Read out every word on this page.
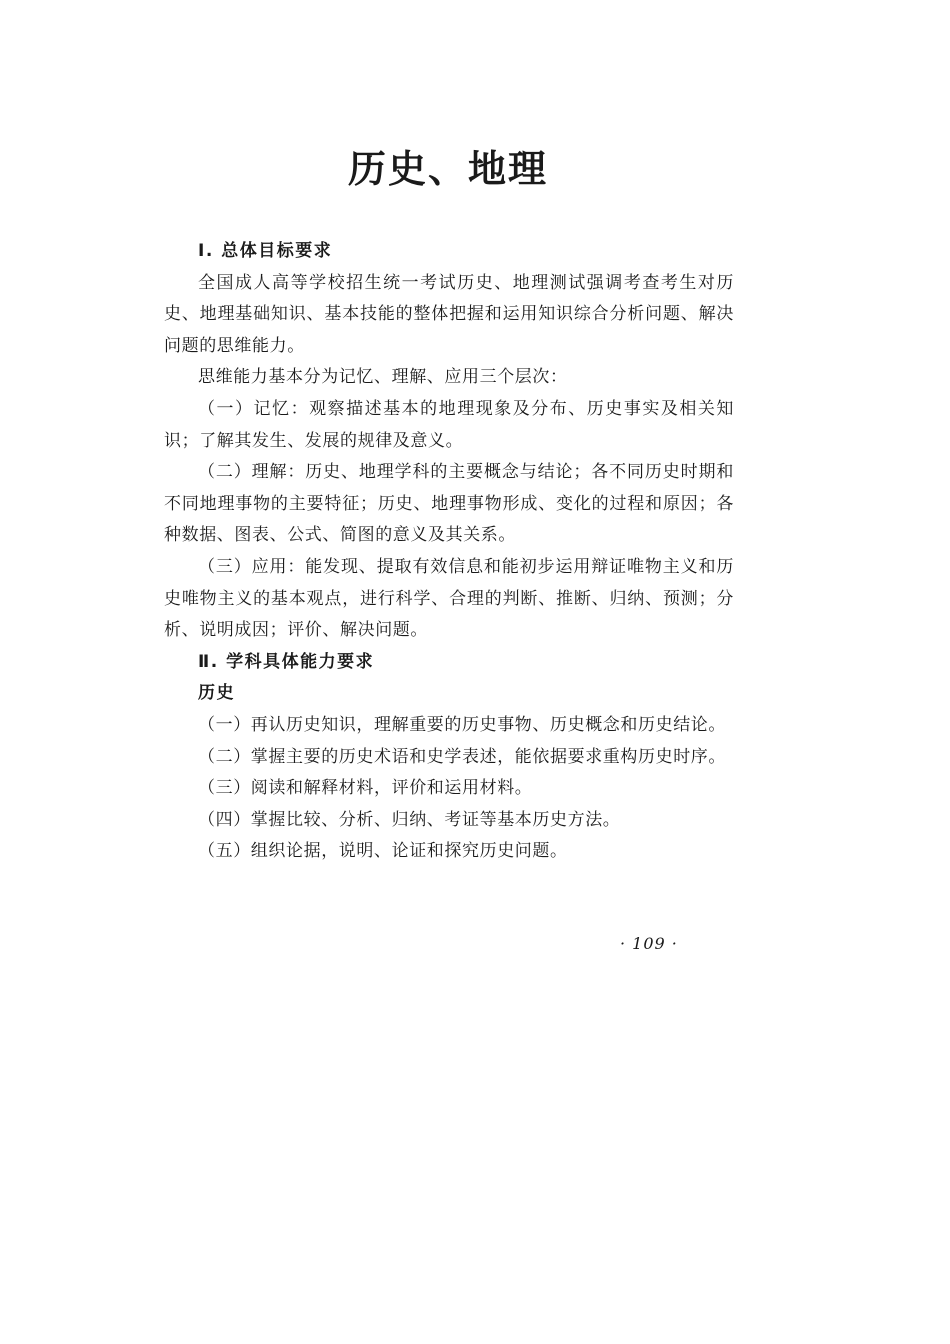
历史、地理

Ⅰ. 总体目标要求

全国成人高等学校招生统一考试历史、地理测试强调考查考生对历史、地理基础知识、基本技能的整体把握和运用知识综合分析问题、解决问题的思维能力。

思维能力基本分为记忆、理解、应用三个层次：

（一）记忆：观察描述基本的地理现象及分布、历史事实及相关知识；了解其发生、发展的规律及意义。

（二）理解：历史、地理学科的主要概念与结论；各不同历史时期和不同地理事物的主要特征；历史、地理事物形成、变化的过程和原因；各种数据、图表、公式、简图的意义及其关系。

（三）应用：能发现、提取有效信息和能初步运用辩证唯物主义和历史唯物主义的基本观点，进行科学、合理的判断、推断、归纳、预测；分析、说明成因；评价、解决问题。

Ⅱ. 学科具体能力要求

历史

（一）再认历史知识，理解重要的历史事物、历史概念和历史结论。

（二）掌握主要的历史术语和史学表述，能依据要求重构历史时序。

（三）阅读和解释材料，评价和运用材料。

（四）掌握比较、分析、归纳、考证等基本历史方法。

（五）组织论据，说明、论证和探究历史问题。

· 109 ·
